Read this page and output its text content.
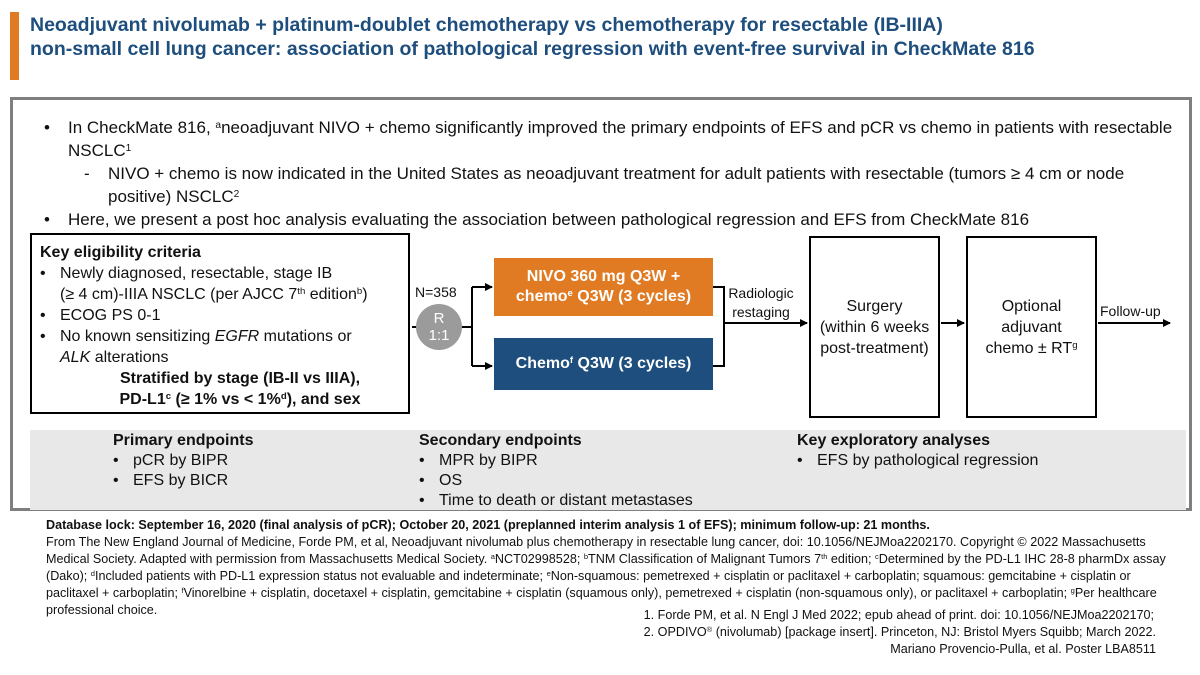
Neoadjuvant nivolumab + platinum-doublet chemotherapy vs chemotherapy for resectable (IB-IIIA)
non-small cell lung cancer: association of pathological regression with event-free survival in CheckMate 816
• In CheckMate 816, $^a$neoadjuvant NIVO + chemo significantly improved the primary endpoints of EFS and pCR vs chemo in patients with resectable NSCLC$^1$
- NIVO + chemo is now indicated in the United States as neoadjuvant treatment for adult patients with resectable (tumors ≥ 4 cm or node positive) NSCLC$^2$
• Here, we present a post hoc analysis evaluating the association between pathological regression and EFS from CheckMate 816
Key eligibility criteria
• Newly diagnosed, resectable, stage IB
(≥ 4 cm)-IIIA NSCLC (per AJCC 7th edition$^b$)
• ECOG PS 0-1
• No known sensitizing EGFR mutations or
ALK alterations
Stratified by stage (IB-II vs IIIA),
PD-L1$^c$ (≥ 1% vs < 1%$^d$), and sex
N=358
R
1:1
NIVO 360 mg Q3W +
chemo$^e$ Q3W (3 cycles)
Chemo$^f$ Q3W (3 cycles)
Radiologic
restaging	Surgery
(within 6 weeks
post-treatment)
Optional
adjuvant
chemo ± $RT^g$
Follow-up
Primary endpoints
• pCR by BIPR
• EFS by BICR
Secondary endpoints
• MPR by BIPR
• OS
• Time to death or distant metastases
Key exploratory analyses
• EFS by pathological regression
Database lock: September 16, 2020 (final analysis of pCR); October 20, 2021 (preplanned interim analysis 1 of EFS); minimum follow-up: 21 months.
From The New England Journal of Medicine, Forde PM, et al, Neoadjuvant nivolumab plus chemotherapy in resectable lung cancer, doi: 10.1056/NEJMoa2202170. Copyright © 2022 Massachusetts Medical Society. Adapted with permission from Massachusetts Medical Society. $^a$NCT02998528; $^b$TNM Classification of Malignant Tumors 7th edition; $^c$Determined by the PD-L1 IHC 28-8 pharmDx assay (Dako); $^d$Included patients with PD-L1 expression status not evaluable and indeterminate; $^e$Non-squamous: pemetrexed + cisplatin or paclitaxel + carboplatin; squamous: gemcitabine + cisplatin or paclitaxel + carboplatin; $^f$Vinorelbine + cisplatin, docetaxel + cisplatin, gemcitabine + cisplatin (squamous only), pemetrexed + cisplatin (non-squamous only), or paclitaxel + carboplatin; $^g$Per healthcare professional choice.	1. Forde PM, et al. N Engl J Med 2022; epub ahead of print. doi: 10.1056/NEJMoa2202170;
2. OPDIVO® (nivolumab) [package insert]. Princeton, NJ: Bristol Myers Squibb; March 2022.
Mariano Provencio-Pulla, et al. Poster LBA8511
